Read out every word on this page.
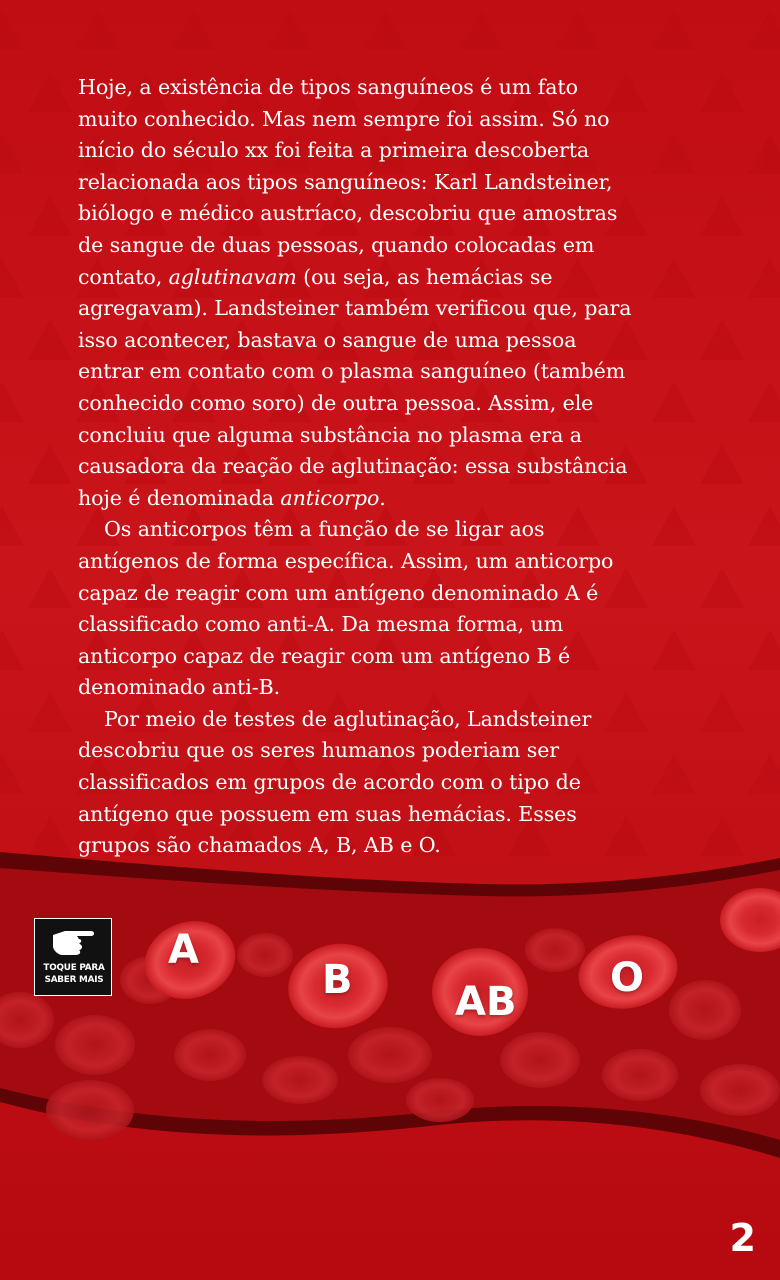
Hoje, a existência de tipos sanguíneos é um fato muito conhecido. Mas nem sempre foi assim. Só no início do século xx foi feita a primeira descoberta relacionada aos tipos sanguíneos: Karl Landsteiner, biólogo e médico austríaco, descobriu que amostras de sangue de duas pessoas, quando colocadas em contato, aglutinavam (ou seja, as hemácias se agregavam). Landsteiner também verificou que, para isso acontecer, bastava o sangue de uma pessoa entrar em contato com o plasma sanguíneo (também conhecido como soro) de outra pessoa. Assim, ele concluiu que alguma substância no plasma era a causadora da reação de aglutinação: essa substância hoje é denominada anticorpo.

Os anticorpos têm a função de se ligar aos antígenos de forma específica. Assim, um anticorpo capaz de reagir com um antígeno denominado A é classificado como anti-A. Da mesma forma, um anticorpo capaz de reagir com um antígeno B é denominado anti-B.

Por meio de testes de aglutinação, Landsteiner descobriu que os seres humanos poderiam ser classificados em grupos de acordo com o tipo de antígeno que possuem em suas hemácias. Esses grupos são chamados A, B, AB e O.

A
B	AB
O
TOQUE PARA
SABER MAIS
2
